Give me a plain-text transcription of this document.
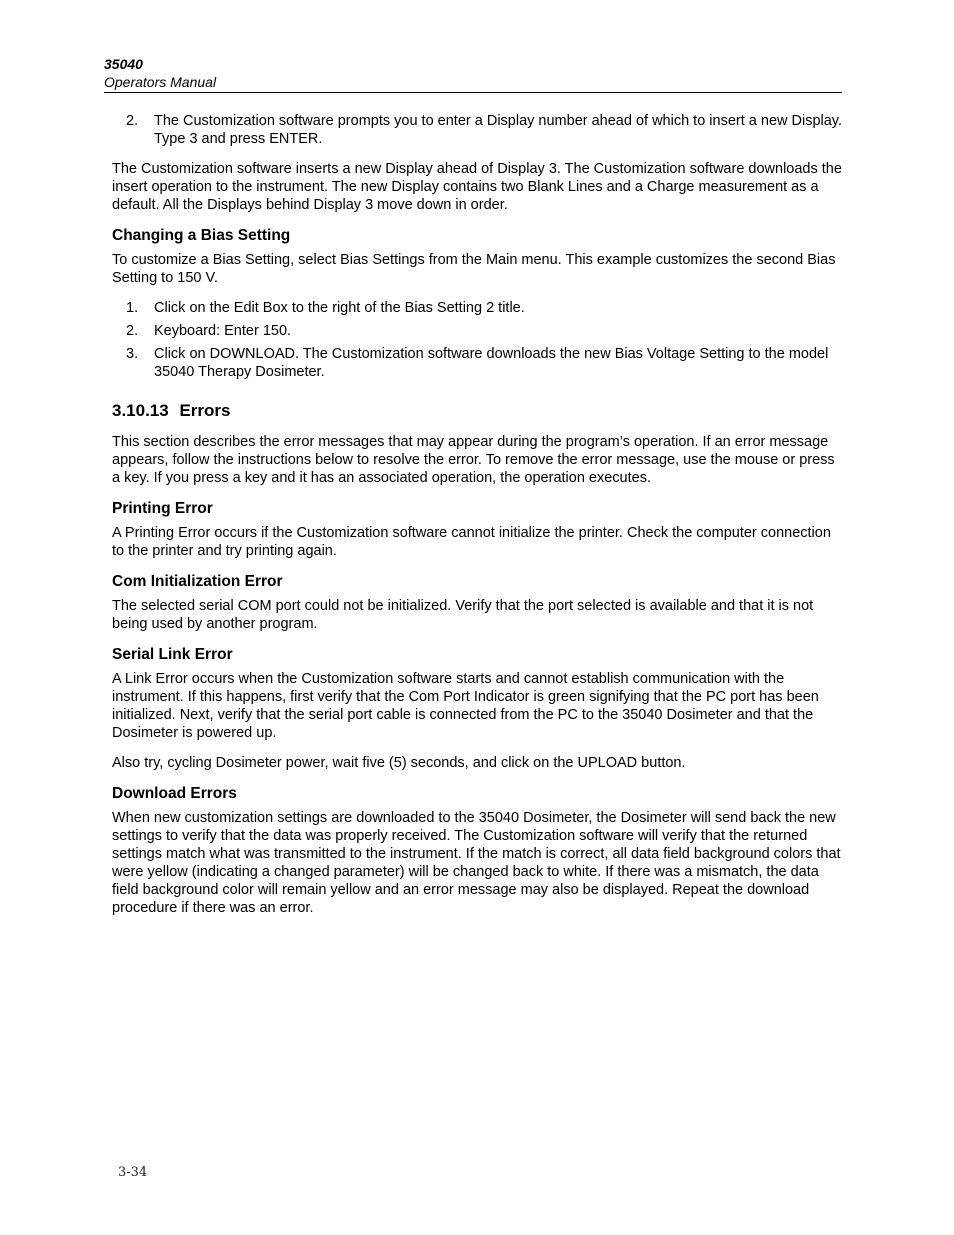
35040
Operators Manual
2.	The Customization software prompts you to enter a Display number ahead of which to insert a new Display. Type 3 and press ENTER.

The Customization software inserts a new Display ahead of Display 3. The Customization software downloads the insert operation to the instrument. The new Display contains two Blank Lines and a Charge measurement as a default. All the Displays behind Display 3 move down in order.

Changing a Bias Setting

To customize a Bias Setting, select Bias Settings from the Main menu. This example customizes the second Bias Setting to 150 V.

1.	Click on the Edit Box to the right of the Bias Setting 2 title.
2.	Keyboard: Enter 150.
3.	Click on DOWNLOAD. The Customization software downloads the new Bias Voltage Setting to the model 35040 Therapy Dosimeter.
3.10.13 Errors

This section describes the error messages that may appear during the program’s operation. If an error message appears, follow the instructions below to resolve the error. To remove the error message, use the mouse or press a key. If you press a key and it has an associated operation, the operation executes.

Printing Error

A Printing Error occurs if the Customization software cannot initialize the printer. Check the computer connection to the printer and try printing again.

Com Initialization Error

The selected serial COM port could not be initialized. Verify that the port selected is available and that it is not being used by another program.

Serial Link Error

A Link Error occurs when the Customization software starts and cannot establish communication with the instrument. If this happens, first verify that the Com Port Indicator is green signifying that the PC port has been initialized. Next, verify that the serial port cable is connected from the PC to the 35040 Dosimeter and that the Dosimeter is powered up.

Also try, cycling Dosimeter power, wait five (5) seconds, and click on the UPLOAD button.

Download Errors

When new customization settings are downloaded to the 35040 Dosimeter, the Dosimeter will send back the new settings to verify that the data was properly received. The Customization software will verify that the returned settings match what was transmitted to the instrument. If the match is correct, all data field background colors that were yellow (indicating a changed parameter) will be changed back to white. If there was a mismatch, the data field background color will remain yellow and an error message may also be displayed. Repeat the download procedure if there was an error.

3-34
